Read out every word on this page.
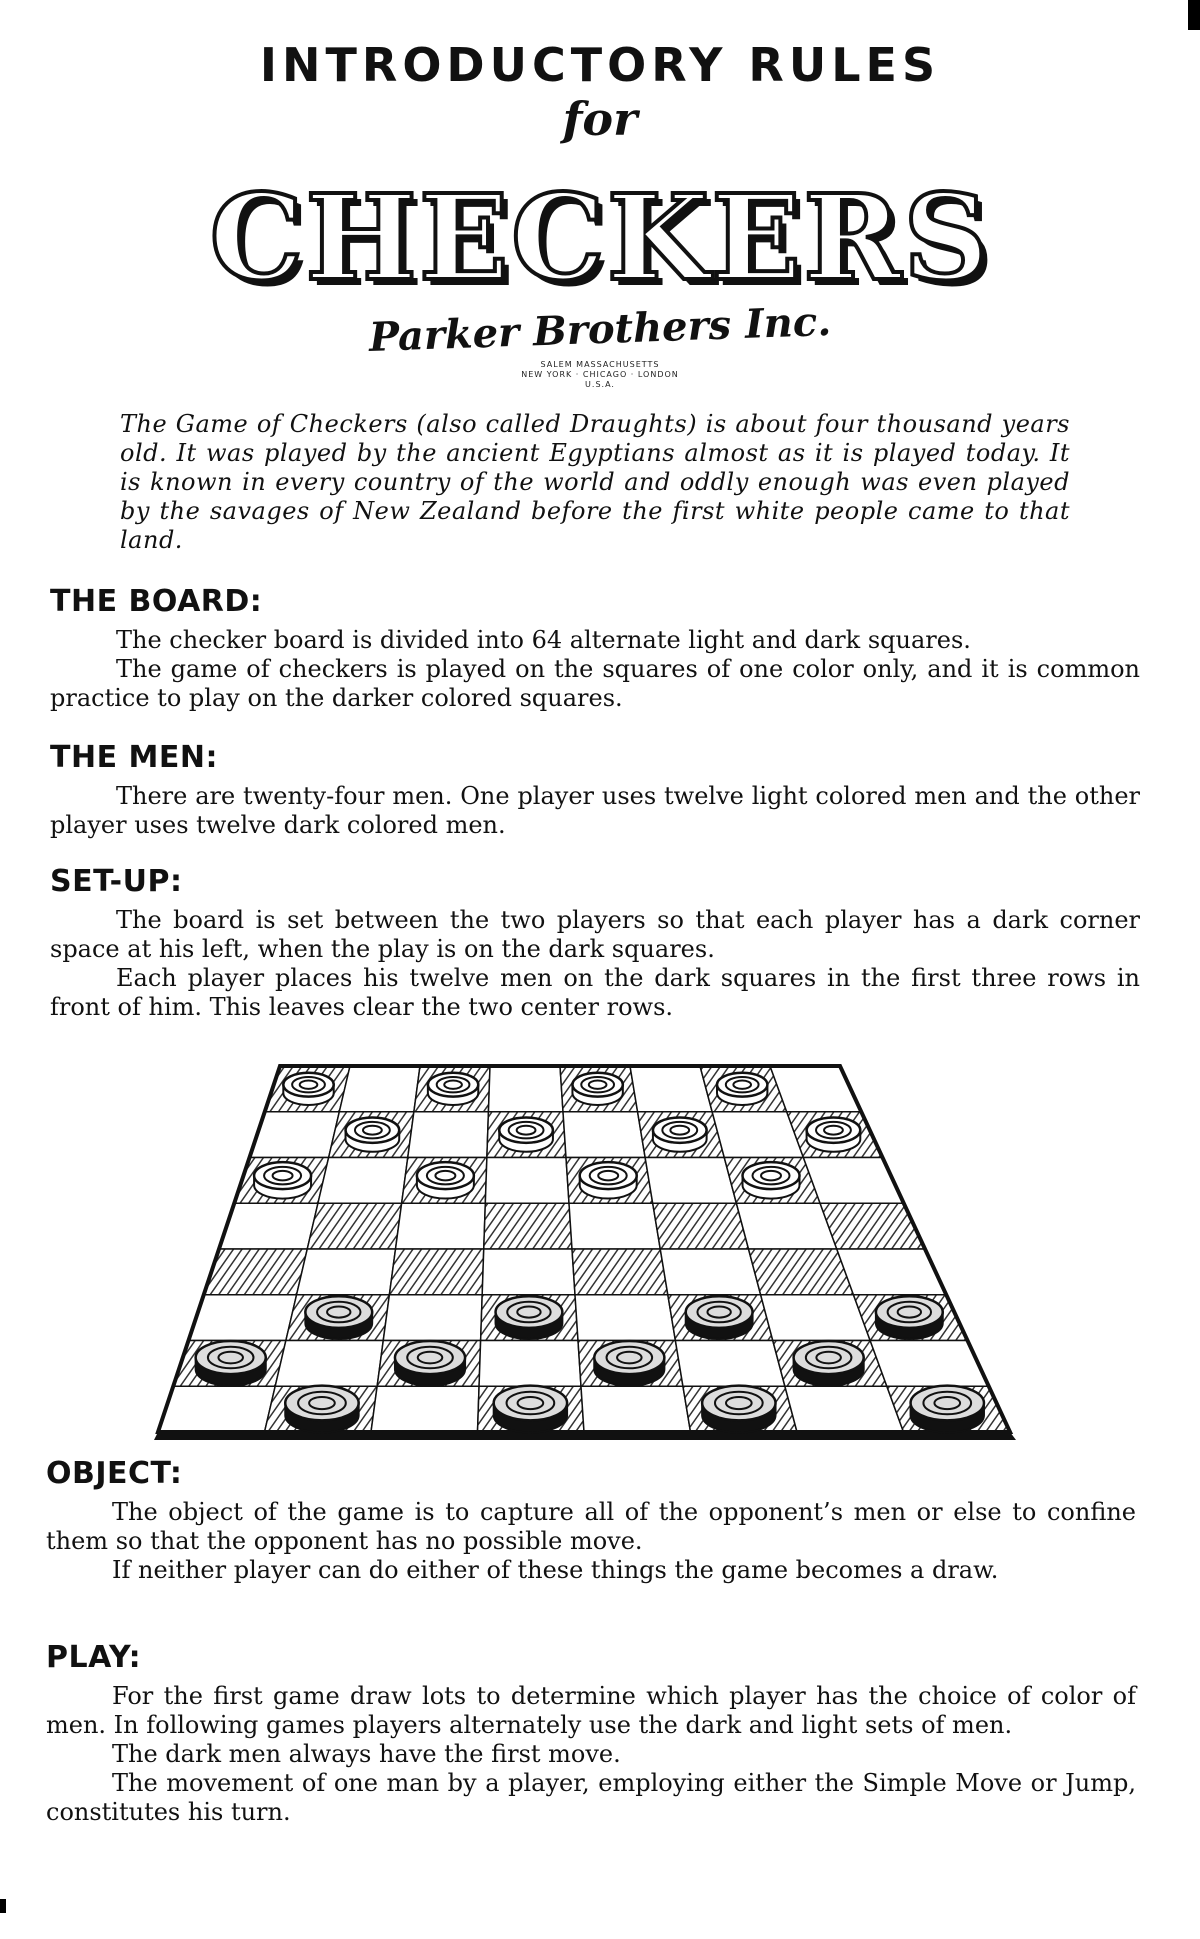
INTRODUCTORY RULES
for
CHECKERS
Parker Brothers Inc.
SALEM MASSACHUSETTS
NEW YORK · CHICAGO · LONDON
U.S.A.

The Game of Checkers (also called Draughts) is about four thousand years old. It was played by the ancient Egyptians almost as it is played today. It is known in every country of the world and oddly enough was even played by the savages of New Zealand before the first white people came to that land.

THE BOARD:

The checker board is divided into 64 alternate light and dark squares.

The game of checkers is played on the squares of one color only, and it is common practice to play on the darker colored squares.

THE MEN:

There are twenty-four men. One player uses twelve light colored men and the other player uses twelve dark colored men.

SET-UP:

The board is set between the two players so that each player has a dark corner space at his left, when the play is on the dark squares.

Each player places his twelve men on the dark squares in the first three rows in front of him. This leaves clear the two center rows.

OBJECT:

The object of the game is to capture all of the opponent’s men or else to confine them so that the opponent has no possible move.

If neither player can do either of these things the game becomes a draw.

PLAY:

For the first game draw lots to determine which player has the choice of color of men. In following games players alternately use the dark and light sets of men.

The dark men always have the first move.

The movement of one man by a player, employing either the Simple Move or Jump, constitutes his turn.
